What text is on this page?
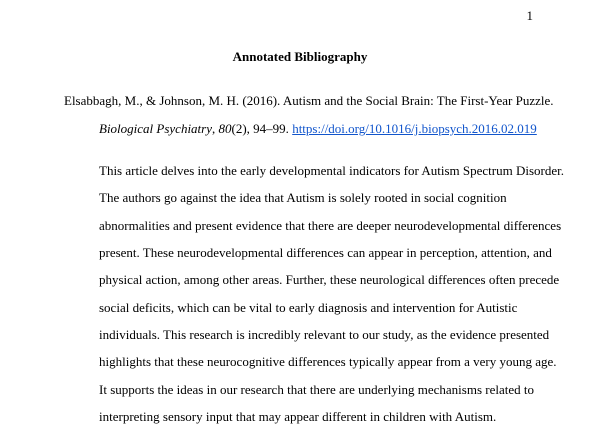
1
Annotated Bibliography
Elsabbagh, M., & Johnson, M. H. (2016). Autism and the Social Brain: The First-Year Puzzle.
Biological Psychiatry, 80(2), 94–99. https://doi.org/10.1016/j.biopsych.2016.02.019
This article delves into the early developmental indicators for Autism Spectrum Disorder.
The authors go against the idea that Autism is solely rooted in social cognition
abnormalities and present evidence that there are deeper neurodevelopmental differences
present. These neurodevelopmental differences can appear in perception, attention, and
physical action, among other areas. Further, these neurological differences often precede
social deficits, which can be vital to early diagnosis and intervention for Autistic
individuals. This research is incredibly relevant to our study, as the evidence presented
highlights that these neurocognitive differences typically appear from a very young age.
It supports the ideas in our research that there are underlying mechanisms related to
interpreting sensory input that may appear different in children with Autism.
